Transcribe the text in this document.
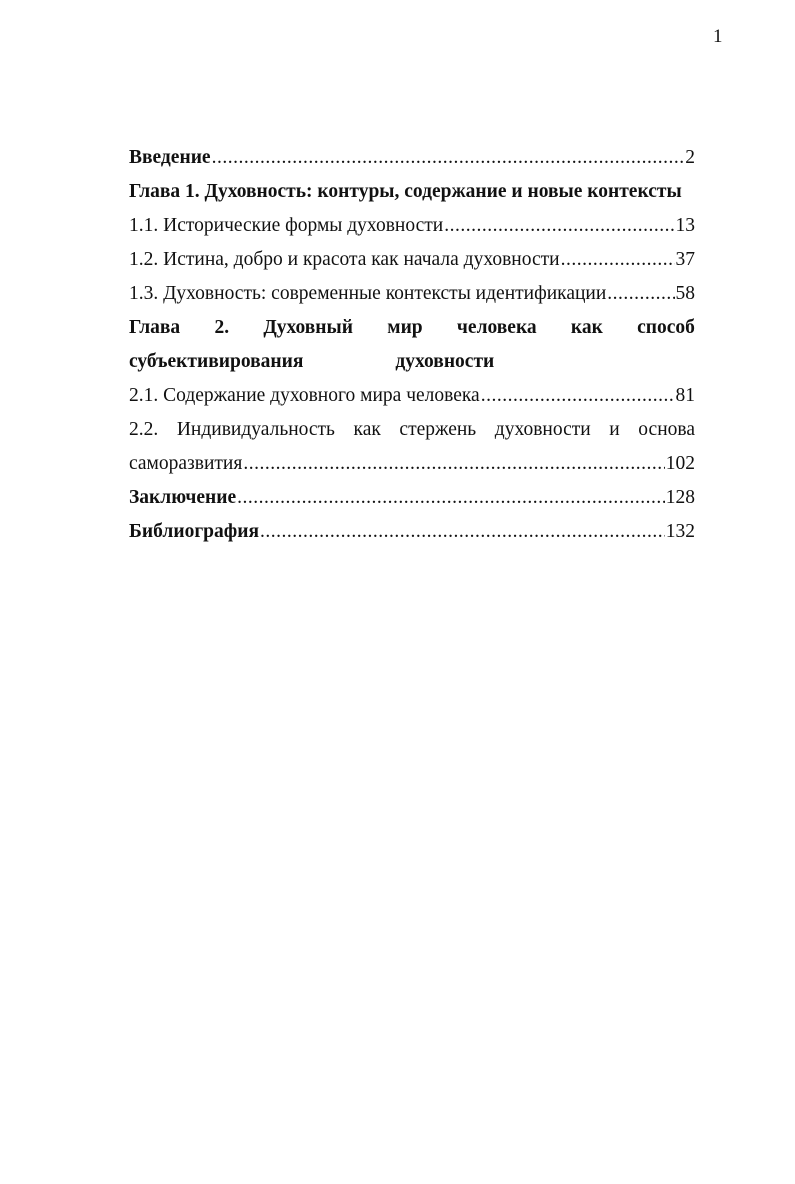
1
Введение .....	2
Глава 1. Духовность: контуры, содержание и новые контексты
1.1. Исторические формы духовности .....	13
1.2. Истина, добро и красота как начала духовности .....	37
1.3. Духовность: современные контексты идентификации .....	58
Глава 2. Духовный мир человека как способ
субъективирования	духовности
2.1. Содержание духовного мира человека .....	81
2.2. Индивидуальность как стержень духовности и основа
саморазвития .....	102
Заключение .....	128
Библиография .....	132
